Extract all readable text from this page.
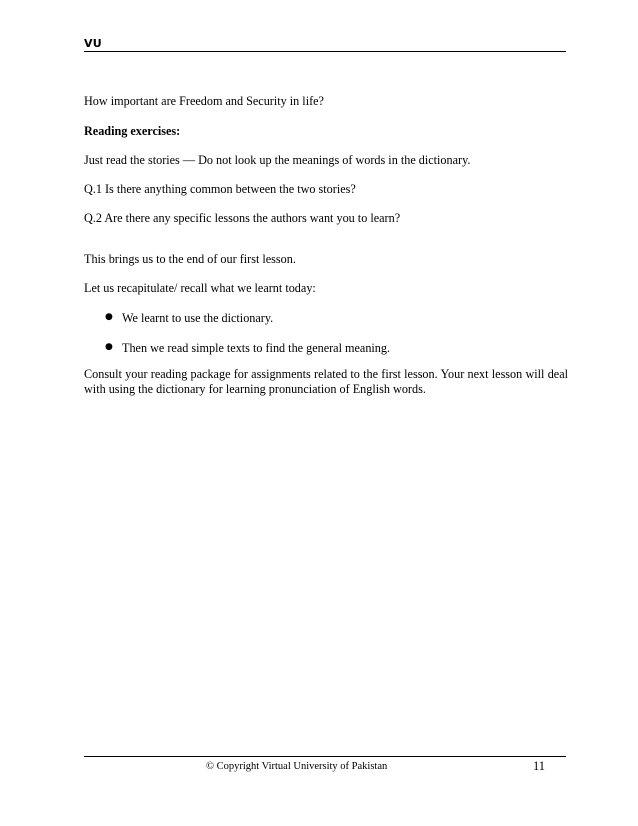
VU
How important are Freedom and Security in life?
Reading exercises:
Just read the stories — Do not look up the meanings of words in the dictionary.
Q.1 Is there anything common between the two stories?
Q.2 Are there any specific lessons the authors want you to learn?
This brings us to the end of our first lesson.
Let us recapitulate/ recall what we learnt today:
● We learnt to use the dictionary.
● Then we read simple texts to find the general meaning.
Consult your reading package for assignments related to the first lesson. Your next lesson will deal with using the dictionary for learning pronunciation of English words.
© Copyright Virtual University of Pakistan	11
